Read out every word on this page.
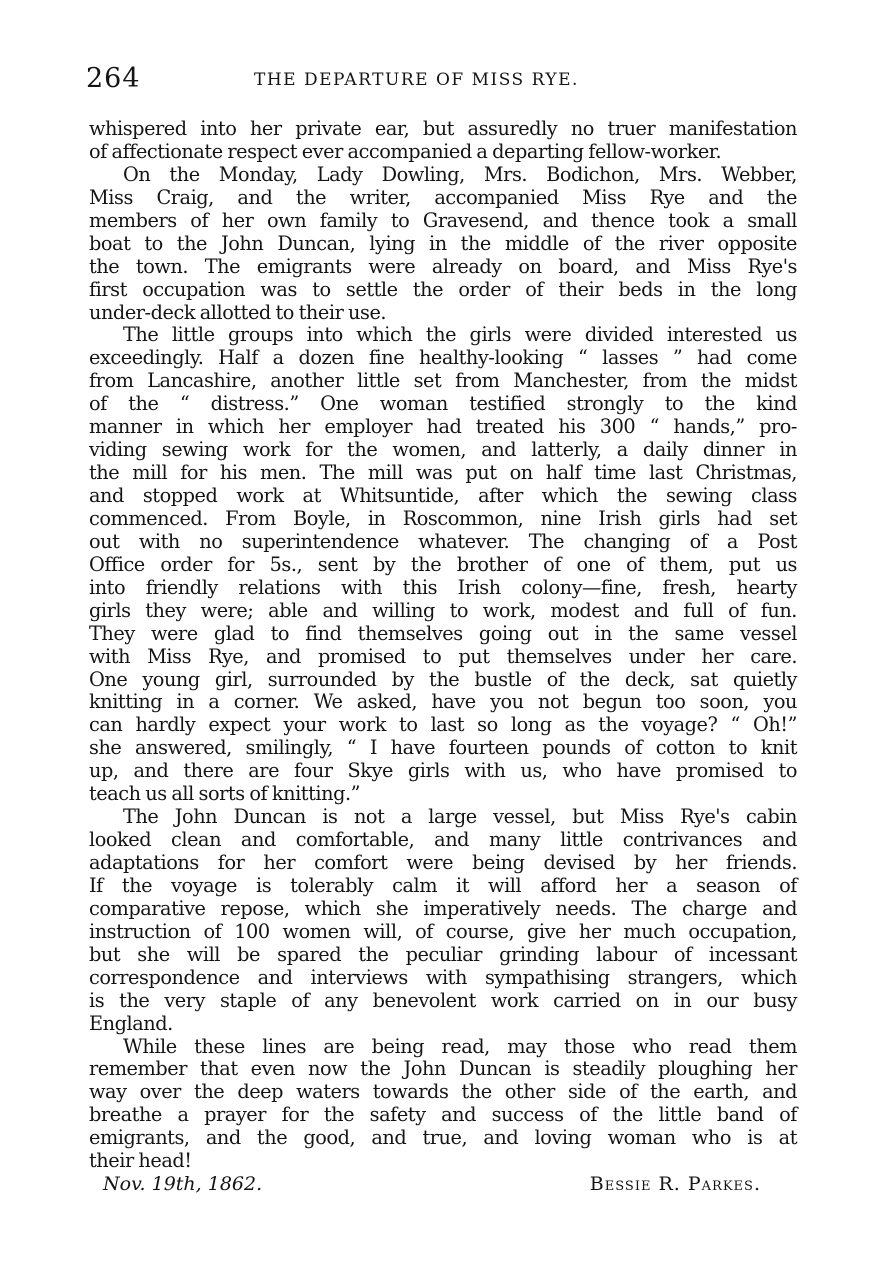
264	THE DEPARTURE OF MISS RYE.
whispered into her private ear, but assuredly no truer manifestation
of affectionate respect ever accompanied a departing fellow-worker.
On the Monday, Lady Dowling, Mrs. Bodichon, Mrs. Webber,
Miss Craig, and the writer, accompanied Miss Rye and the
members of her own family to Gravesend, and thence took a small
boat to the John Duncan, lying in the middle of the river opposite
the town. The emigrants were already on board, and Miss Rye's
first occupation was to settle the order of their beds in the long
under-deck allotted to their use.
The little groups into which the girls were divided interested us
exceedingly. Half a dozen fine healthy-looking “ lasses ” had come
from Lancashire, another little set from Manchester, from the midst
of the “ distress.” One woman testified strongly to the kind
manner in which her employer had treated his 300 “ hands,” pro-
viding sewing work for the women, and latterly, a daily dinner in
the mill for his men. The mill was put on half time last Christmas,
and stopped work at Whitsuntide, after which the sewing class
commenced. From Boyle, in Roscommon, nine Irish girls had set
out with no superintendence whatever. The changing of a Post
Office order for 5s., sent by the brother of one of them, put us
into friendly relations with this Irish colony—fine, fresh, hearty
girls they were; able and willing to work, modest and full of fun.
They were glad to find themselves going out in the same vessel
with Miss Rye, and promised to put themselves under her care.
One young girl, surrounded by the bustle of the deck, sat quietly
knitting in a corner. We asked, have you not begun too soon, you
can hardly expect your work to last so long as the voyage? “ Oh!”
she answered, smilingly, “ I have fourteen pounds of cotton to knit
up, and there are four Skye girls with us, who have promised to
teach us all sorts of knitting.”
The John Duncan is not a large vessel, but Miss Rye's cabin
looked clean and comfortable, and many little contrivances and
adaptations for her comfort were being devised by her friends.
If the voyage is tolerably calm it will afford her a season of
comparative repose, which she imperatively needs. The charge and
instruction of 100 women will, of course, give her much occupation,
but she will be spared the peculiar grinding labour of incessant
correspondence and interviews with sympathising strangers, which
is the very staple of any benevolent work carried on in our busy
England.
While these lines are being read, may those who read them
remember that even now the John Duncan is steadily ploughing her
way over the deep waters towards the other side of the earth, and
breathe a prayer for the safety and success of the little band of
emigrants, and the good, and true, and loving woman who is at
their head!
Nov. 19th, 1862.	Bessie R. Parkes.
